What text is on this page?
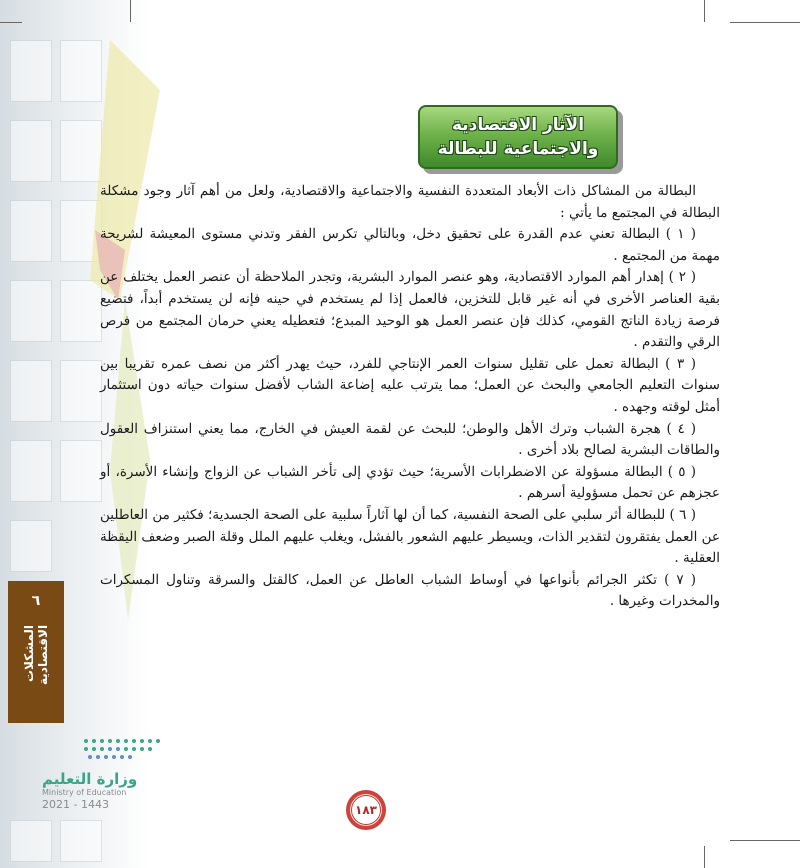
الآثار الاقتصادية
والاجتماعية للبطالة

البطالة من المشاكل ذات الأبعاد المتعددة النفسية والاجتماعية والاقتصادية، ولعل من أهم آثار وجود مشكلة البطالة في المجتمع ما يأتي :

( ١ ) البطالة تعني عدم القدرة على تحقيق دخل، وبالتالي تكرس الفقر وتدني مستوى المعيشة لشريحة مهمة من المجتمع .

( ٢ ) إهدار أهم الموارد الاقتصادية، وهو عنصر الموارد البشرية، وتجدر الملاحظة أن عنصر العمل يختلف عن بقية العناصر الأخرى في أنه غير قابل للتخزين، فالعمل إذا لم يستخدم في حينه فإنه لن يستخدم أبداً، فتضيع فرصة زيادة الناتج القومي، كذلك فإن عنصر العمل هو الوحيد المبدع؛ فتعطيله يعني حرمان المجتمع من فرص الرقي والتقدم .

( ٣ ) البطالة تعمل على تقليل سنوات العمر الإنتاجي للفرد، حيث يهدر أكثر من نصف عمره تقريبا بين سنوات التعليم الجامعي والبحث عن العمل؛ مما يترتب عليه إضاعة الشاب لأفضل سنوات حياته دون استثمار أمثل لوقته وجهده .

( ٤ ) هجرة الشباب وترك الأهل والوطن؛ للبحث عن لقمة العيش في الخارج، مما يعني استنزاف العقول والطاقات البشرية لصالح بلاد أخرى .

( ٥ ) البطالة مسؤولة عن الاضطرابات الأسرية؛ حيث تؤدي إلى تأخر الشباب عن الزواج وإنشاء الأسرة، أو عجزهم عن تحمل مسؤولية أسرهم .

( ٦ ) للبطالة أثر سلبي على الصحة النفسية، كما أن لها آثاراً سلبية على الصحة الجسدية؛ فكثير من العاطلين عن العمل يفتقرون لتقدير الذات، ويسيطر عليهم الشعور بالفشل، ويغلب عليهم الملل وقلة الصبر وضعف اليقظة العقلية .

( ٧ ) تكثر الجرائم بأنواعها في أوساط الشباب العاطل عن العمل، كالقتل والسرقة وتناول المسكرات والمخدرات وغيرها .

٦
المشكلات الاقتصادية
وزارة التعليم
Ministry of Education
2021 - 1443	١٨٣
